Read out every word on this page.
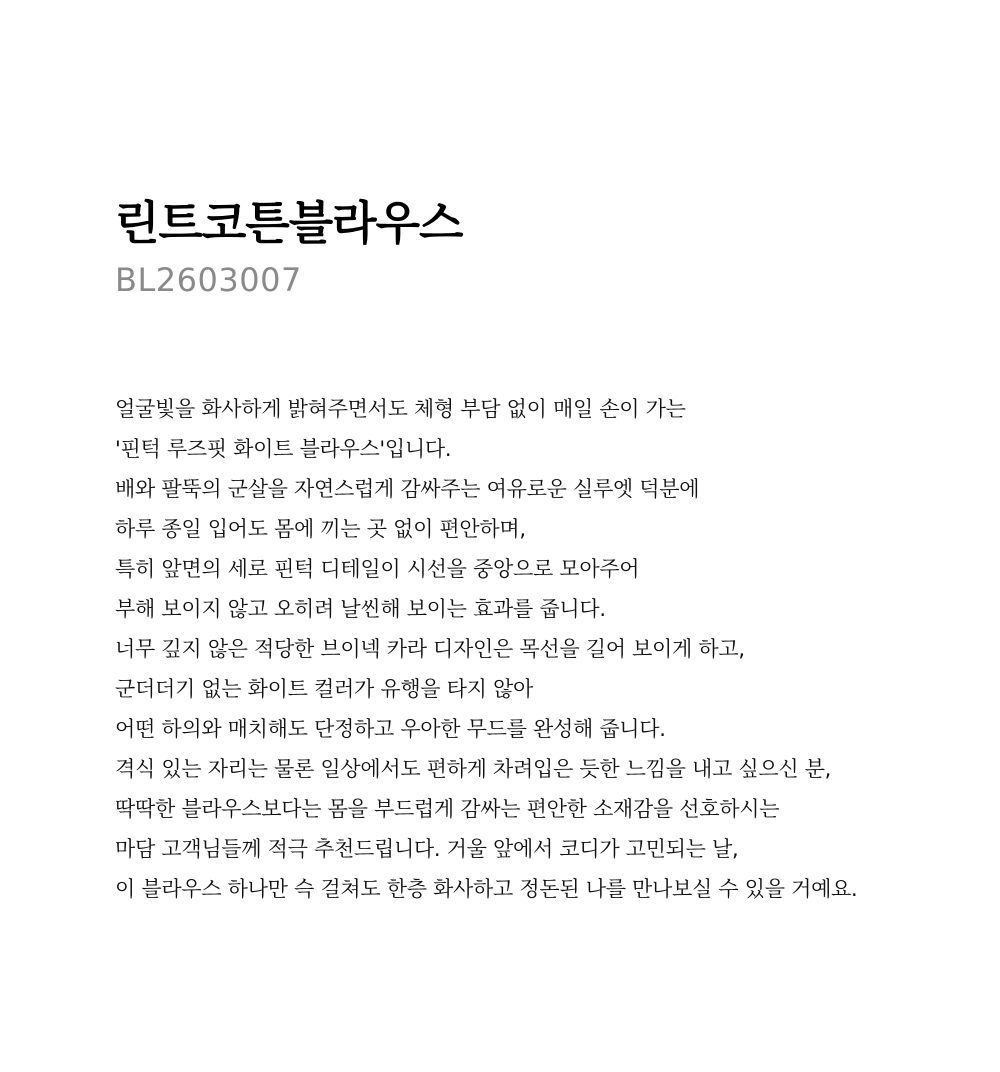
린트코튼블라우스

BL2603007

얼굴빛을 화사하게 밝혀주면서도 체형 부담 없이 매일 손이 가는

'핀턱 루즈핏 화이트 블라우스'입니다.

배와 팔뚝의 군살을 자연스럽게 감싸주는 여유로운 실루엣 덕분에

하루 종일 입어도 몸에 끼는 곳 없이 편안하며,

특히 앞면의 세로 핀턱 디테일이 시선을 중앙으로 모아주어

부해 보이지 않고 오히려 날씬해 보이는 효과를 줍니다.

너무 깊지 않은 적당한 브이넥 카라 디자인은 목선을 길어 보이게 하고,

군더더기 없는 화이트 컬러가 유행을 타지 않아

어떤 하의와 매치해도 단정하고 우아한 무드를 완성해 줍니다.

격식 있는 자리는 물론 일상에서도 편하게 차려입은 듯한 느낌을 내고 싶으신 분,

딱딱한 블라우스보다는 몸을 부드럽게 감싸는 편안한 소재감을 선호하시는

마담 고객님들께 적극 추천드립니다. 거울 앞에서 코디가 고민되는 날,

이 블라우스 하나만 슥 걸쳐도 한층 화사하고 정돈된 나를 만나보실 수 있을 거예요.
